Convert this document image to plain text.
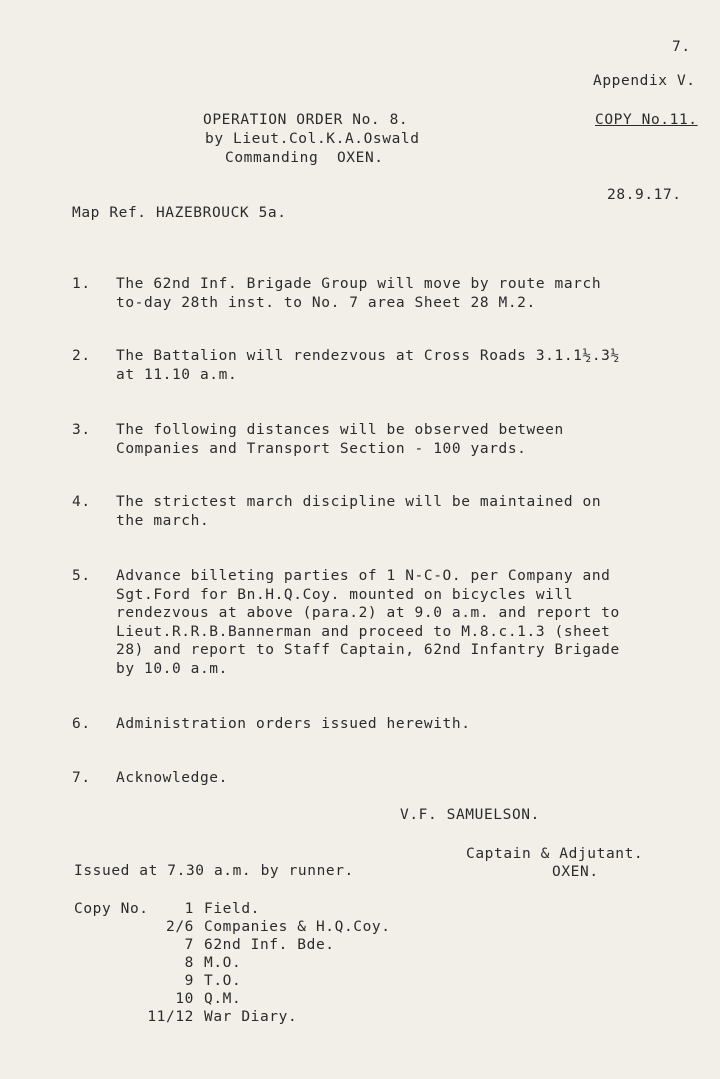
7.
Appendix V.
OPERATION ORDER No. 8.	COPY No.11.
by Lieut.Col.K.A.Oswald
Commanding  OXEN.
28.9.17.
Map Ref. HAZEBROUCK 5a.
1. The 62nd Inf. Brigade Group will move by route march
to-day 28th inst. to No. 7 area Sheet 28 M.2.
2. The Battalion will rendezvous at Cross Roads 3.1.1½.3½
at 11.10 a.m.
3. The following distances will be observed between
Companies and Transport Section - 100 yards.
4. The strictest march discipline will be maintained on
the march.
5. Advance billeting parties of 1 N-C-O. per Company and
Sgt.Ford for Bn.H.Q.Coy. mounted on bicycles will
rendezvous at above (para.2) at 9.0 a.m. and report to
Lieut.R.R.B.Bannerman and proceed to M.8.c.1.3 (sheet
28) and report to Staff Captain, 62nd Infantry Brigade
by 10.0 a.m.
6. Administration orders issued herewith.
7. Acknowledge.
V.F. SAMUELSON.
Captain & Adjutant.
OXEN.
Issued at 7.30 a.m. by runner.
Copy No. 1 Field.
2/6 Companies & H.Q.Coy.
7 62nd Inf. Bde.
8 M.O.
9 T.O.
10 Q.M.
11/12 War Diary.
